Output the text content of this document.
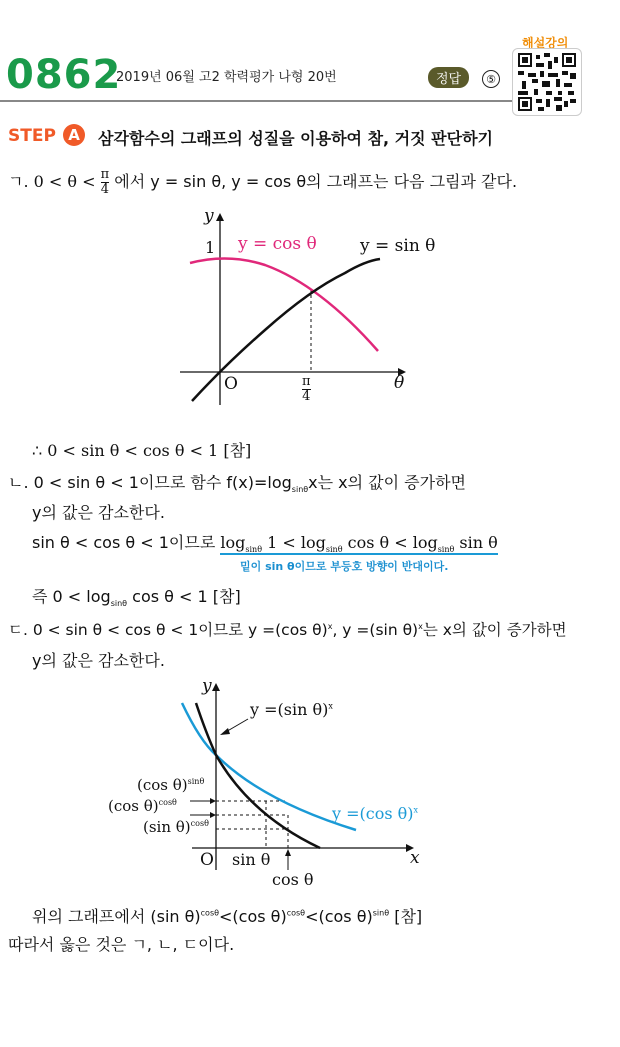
0862
2019년 06월 고2 학력평가 나형 20번	정답	⑤
해설강의
STEP A	삼각함수의 그래프의 성질을 이용하여 참, 거짓 판단하기
ㄱ. $0 < \theta < \frac{\pi}{4}$ 에서 y = sin θ, y = cos θ의 그래프는 다음 그림과 같다.
y
1 y = cos θ	y = sin θ
O	π
4
θ
∴ 0 < sin θ < cos θ < 1 [참]
ㄴ. 0 < sin θ < 1이므로 함수 $f(x)=\log_{sin\theta}x$는 x의 값이 증가하면
y의 값은 감소한다.
sin θ < cos θ < 1이므로 $\log_{sin\theta} 1 < \log_{sin\theta} \cos \theta < \log_{sin\theta} \sin \theta$
밑이 sin θ이므로 부등호 방향이 반대이다.
즉 $0 < \log_{sin\theta} \cos \theta < 1$ [참]
ㄷ. 0 < sin θ < cos θ < 1이므로 y =(cos θ)$^x$, y =(sin θ)$^x$는 x의 값이 증가하면
y의 값은 감소한다.
y
y =(sin θ)$^x$
y =(cos θ)$^x$
(cos θ)$^{sin\theta}$
(cos θ)$^{cos\theta}$
(sin θ)$^{cos\theta}$
O sin θ
cos θ
x
위의 그래프에서 (sin θ)$^{cos\theta}$<(cos θ)$^{cos\theta}$<(cos θ)$^{sin\theta}$ [참]
따라서 옳은 것은 ㄱ, ㄴ, ㄷ이다.
